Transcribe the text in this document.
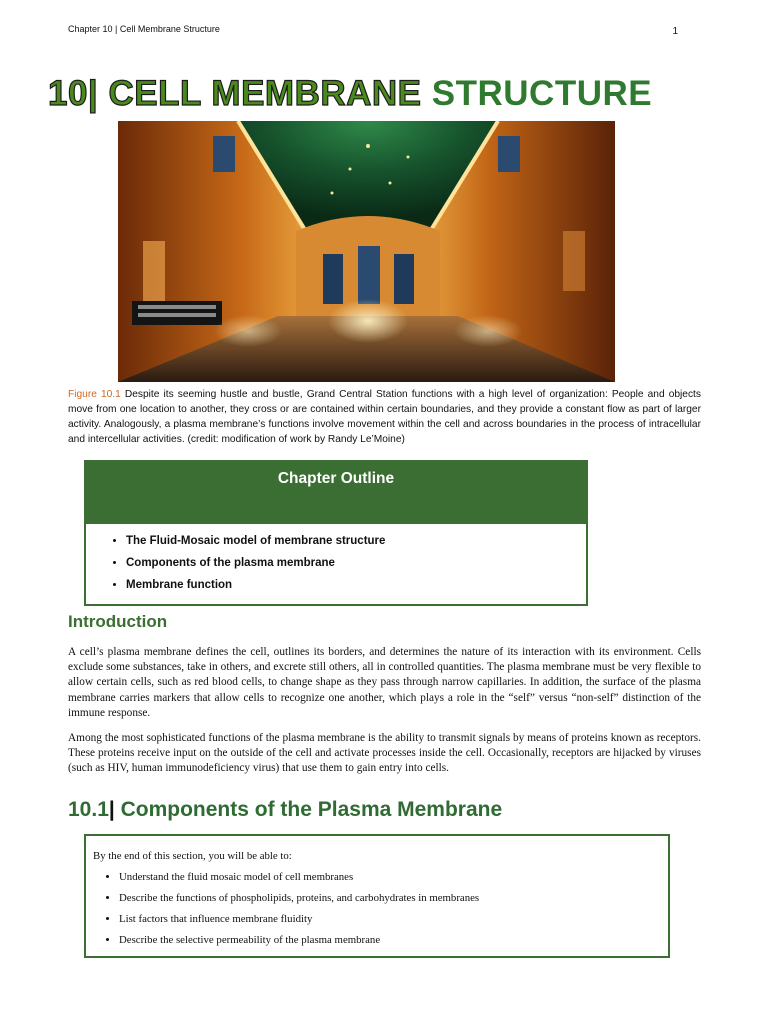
Chapter 10 | Cell Membrane Structure	1
10| CELL MEMBRANE STRUCTURE

Figure 10.1 Despite its seeming hustle and bustle, Grand Central Station functions with a high level of organization: People and objects move from one location to another, they cross or are contained within certain boundaries, and they provide a constant flow as part of larger activity. Analogously, a plasma membrane’s functions involve movement within the cell and across boundaries in the process of intracellular and intercellular activities. (credit: modification of work by Randy Le’Moine)

Chapter Outline
• The Fluid-Mosaic model of membrane structure
• Components of the plasma membrane
• Membrane function
Introduction

A cell’s plasma membrane defines the cell, outlines its borders, and determines the nature of its interaction with its environment. Cells exclude some substances, take in others, and excrete still others, all in controlled quantities. The plasma membrane must be very flexible to allow certain cells, such as red blood cells, to change shape as they pass through narrow capillaries. In addition, the surface of the plasma membrane carries markers that allow cells to recognize one another, which plays a role in the “self” versus “non-self” distinction of the immune response.

Among the most sophisticated functions of the plasma membrane is the ability to transmit signals by means of proteins known as receptors. These proteins receive input on the outside of the cell and activate processes inside the cell. Occasionally, receptors are hijacked by viruses (such as HIV, human immunodeficiency virus) that use them to gain entry into cells.

10.1| Components of the Plasma Membrane

By the end of this section, you will be able to:

• Understand the fluid mosaic model of cell membranes
• Describe the functions of phospholipids, proteins, and carbohydrates in membranes
• List factors that influence membrane fluidity
• Describe the selective permeability of the plasma membrane
